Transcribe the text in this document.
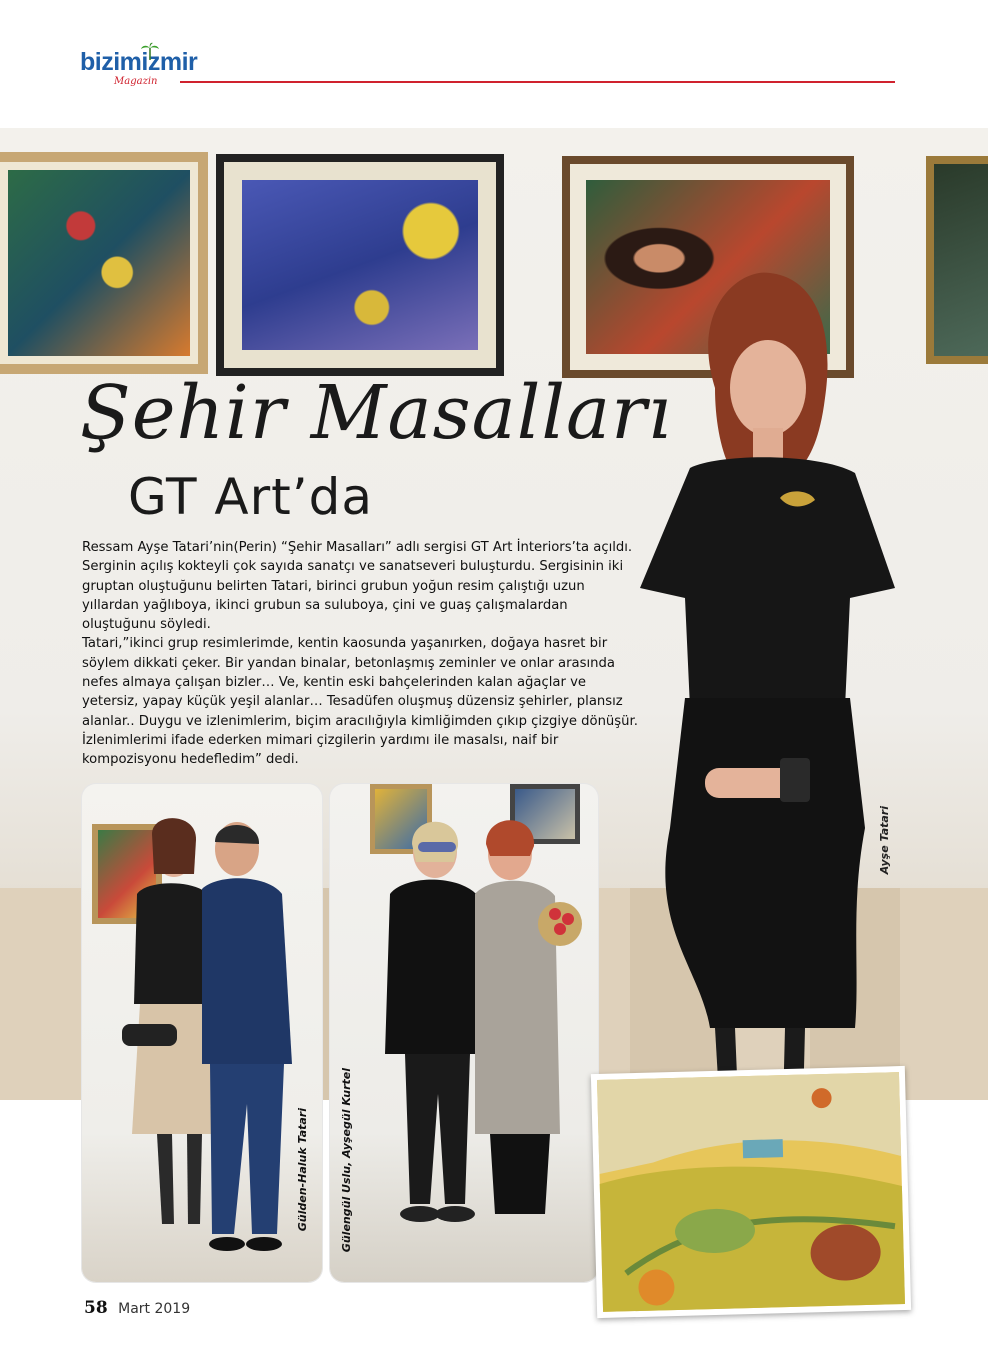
bizimizmir
Magazin
Şehir Masalları
GT Art’da

Ressam Ayşe Tatari’nin(Perin) “Şehir Masalları” adlı sergisi GT Art İnteriors’ta açıldı. Serginin açılış kokteyli çok sayıda sanatçı ve sanatseveri buluşturdu. Sergisinin iki gruptan oluştuğunu belirten Tatari, birinci grubun yoğun resim çalıştığı uzun yıllardan yağlıboya, ikinci grubun sa suluboya, çini ve guaş çalışmalardan oluştuğunu söyledi.

Tatari,”ikinci grup resimlerimde, kentin kaosunda yaşanırken, doğaya hasret bir söylem dikkati çeker. Bir yandan binalar, betonlaşmış zeminler ve onlar arasında nefes almaya çalışan bizler… Ve, kentin eski bahçelerinden kalan ağaçlar ve yetersiz, yapay küçük yeşil alanlar… Tesadüfen oluşmuş düzensiz şehirler, plansız alanlar.. Duygu ve izlenimlerim, biçim aracılığıyla kimliğimden çıkıp çizgiye dönüşür. İzlenimlerimi ifade ederken mimari çizgilerin yardımı ile masalsı, naif bir kompozisyonu hedefledim” dedi.

Gülden-Haluk Tatari	Gülengül Uslu, Ayşegül Kurtel
Ayşe Tatari
58 Mart 2019
